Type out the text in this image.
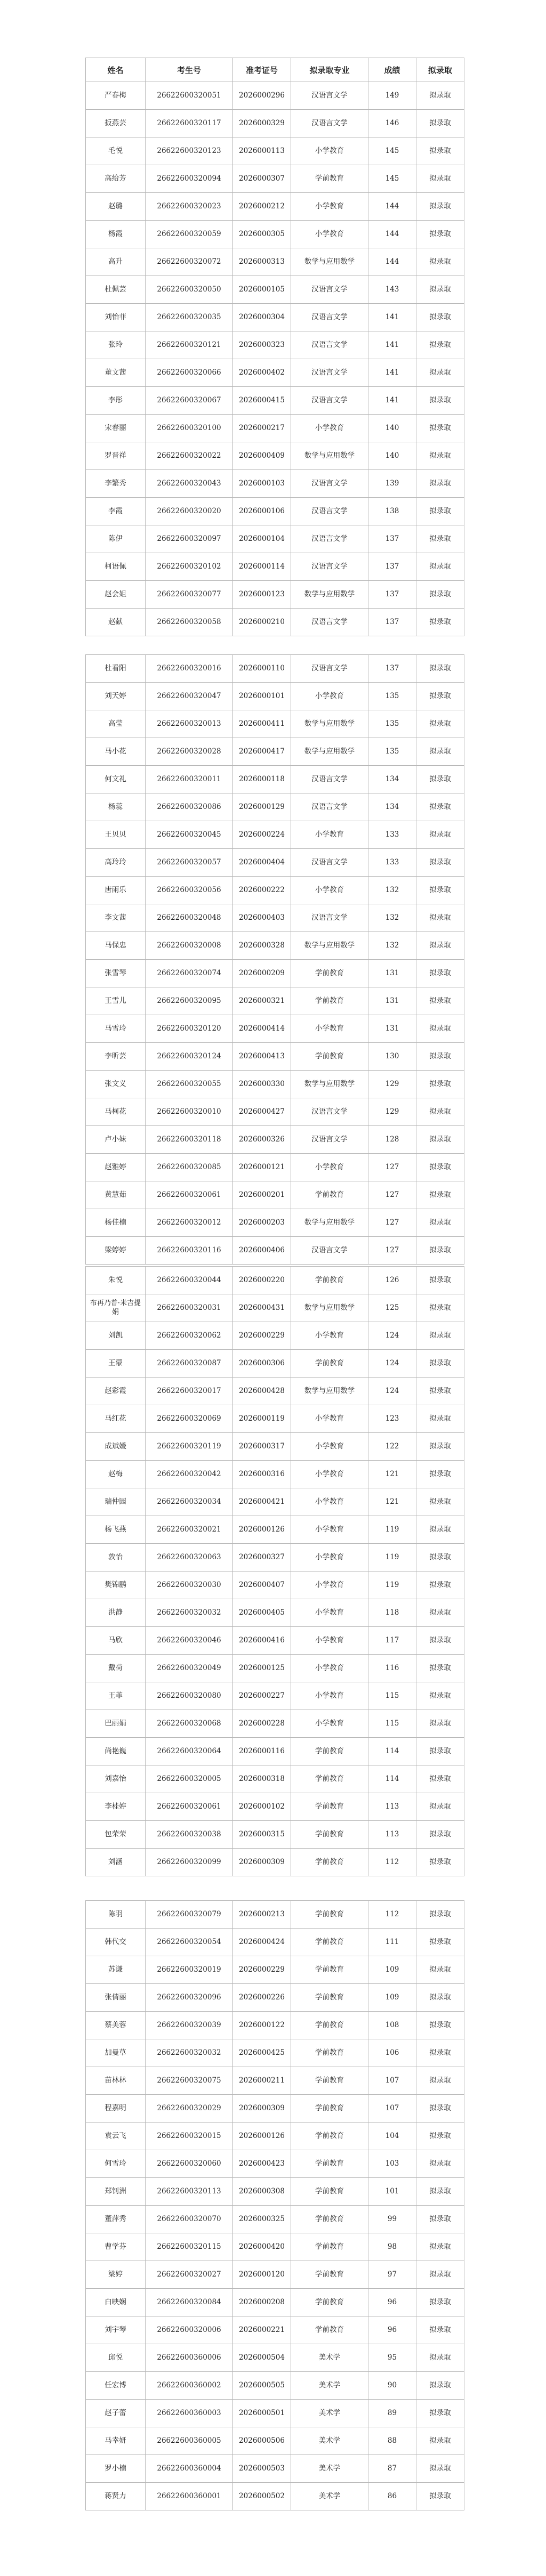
姓名	考生号	准考证号	拟录取专业	成绩	拟录取
严春梅	26622600320051	2026000296	汉语言文学	149	拟录取
扳燕芸	26622600320117	2026000329	汉语言文学	146	拟录取
毛悦	26622600320123	2026000113	小学教育	145	拟录取
高给芳	26622600320094	2026000307	学前教育	145	拟录取
赵璐	26622600320023	2026000212	小学教育	144	拟录取
杨霞	26622600320059	2026000305	小学教育	144	拟录取
高升	26622600320072	2026000313	数学与应用数学	144	拟录取
杜佩芸	26622600320050	2026000105	汉语言文学	143	拟录取
刘怡菲	26622600320035	2026000304	汉语言文学	141	拟录取
张玲	26622600320121	2026000323	汉语言文学	141	拟录取
董文茜	26622600320066	2026000402	汉语言文学	141	拟录取
李彤	26622600320067	2026000415	汉语言文学	141	拟录取
宋春丽	26622600320100	2026000217	小学教育	140	拟录取
罗晋祥	26622600320022	2026000409	数学与应用数学	140	拟录取
李繁秀	26622600320043	2026000103	汉语言文学	139	拟录取
李霞	26622600320020	2026000106	汉语言文学	138	拟录取
陈伊	26622600320097	2026000104	汉语言文学	137	拟录取
柯语佩	26622600320102	2026000114	汉语言文学	137	拟录取
赵会姐	26622600320077	2026000123	数学与应用数学	137	拟录取
赵献	26622600320058	2026000210	汉语言文学	137	拟录取
杜看阳	26622600320016	2026000110	汉语言文学	137	拟录取
刘天婷	26622600320047	2026000101	小学教育	135	拟录取
高莹	26622600320013	2026000411	数学与应用数学	135	拟录取
马小花	26622600320028	2026000417	数学与应用数学	135	拟录取
何文礼	26622600320011	2026000118	汉语言文学	134	拟录取
杨蕊	26622600320086	2026000129	汉语言文学	134	拟录取
王贝贝	26622600320045	2026000224	小学教育	133	拟录取
高玲玲	26622600320057	2026000404	汉语言文学	133	拟录取
唐雨乐	26622600320056	2026000222	小学教育	132	拟录取
李文茜	26622600320048	2026000403	汉语言文学	132	拟录取
马保忠	26622600320008	2026000328	数学与应用数学	132	拟录取
张雪琴	26622600320074	2026000209	学前教育	131	拟录取
王雪儿	26622600320095	2026000321	学前教育	131	拟录取
马雪玲	26622600320120	2026000414	小学教育	131	拟录取
李昕芸	26622600320124	2026000413	学前教育	130	拟录取
张文义	26622600320055	2026000330	数学与应用数学	129	拟录取
马柯花	26622600320010	2026000427	汉语言文学	129	拟录取
卢小妹	26622600320118	2026000326	汉语言文学	128	拟录取
赵雅婷	26622600320085	2026000121	小学教育	127	拟录取
黄慧茹	26622600320061	2026000201	学前教育	127	拟录取
杨佳楠	26622600320012	2026000203	数学与应用数学	127	拟录取
梁婷婷	26622600320116	2026000406	汉语言文学	127	拟录取
朱悦	26622600320044	2026000220	学前教育	126	拟录取
布再乃普·米吉提娟	26622600320031	2026000431	数学与应用数学	125	拟录取
刘凯	26622600320062	2026000229	小学教育	124	拟录取
王蒙	26622600320087	2026000306	学前教育	124	拟录取
赵彩霞	26622600320017	2026000428	数学与应用数学	124	拟录取
马红花	26622600320069	2026000119	小学教育	123	拟录取
成斌媛	26622600320119	2026000317	小学教育	122	拟录取
赵梅	26622600320042	2026000316	小学教育	121	拟录取
瑞仲园	26622600320034	2026000421	小学教育	121	拟录取
杨飞燕	26622600320021	2026000126	小学教育	119	拟录取
敦怡	26622600320063	2026000327	小学教育	119	拟录取
樊锦鹏	26622600320030	2026000407	小学教育	119	拟录取
洪静	26622600320032	2026000405	小学教育	118	拟录取
马欣	26622600320046	2026000416	小学教育	117	拟录取
戴荷	26622600320049	2026000125	小学教育	116	拟录取
王菲	26622600320080	2026000227	小学教育	115	拟录取
巴丽娟	26622600320068	2026000228	小学教育	115	拟录取
尚艳巍	26622600320064	2026000116	学前教育	114	拟录取
刘嘉怡	26622600320005	2026000318	学前教育	114	拟录取
李桂婷	26622600320061	2026000102	学前教育	113	拟录取
包荣荣	26622600320038	2026000315	学前教育	113	拟录取
刘涵	26622600320099	2026000309	学前教育	112	拟录取
陈羽	26622600320079	2026000213	学前教育	112	拟录取
韩代交	26622600320054	2026000424	学前教育	111	拟录取
苏谦	26622600320019	2026000229	学前教育	109	拟录取
张倩丽	26622600320096	2026000226	学前教育	109	拟录取
蔡美蓉	26622600320039	2026000122	学前教育	108	拟录取
加曼草	26622600320032	2026000425	学前教育	106	拟录取
苗林林	26622600320075	2026000211	学前教育	107	拟录取
程嘉明	26622600320029	2026000309	学前教育	107	拟录取
袁云飞	26622600320015	2026000126	学前教育	104	拟录取
何雪玲	26622600320060	2026000423	学前教育	103	拟录取
郑钊洲	26622600320113	2026000308	学前教育	101	拟录取
董萍秀	26622600320070	2026000325	学前教育	99	拟录取
曹学芬	26622600320115	2026000420	学前教育	98	拟录取
梁婷	26622600320027	2026000120	学前教育	97	拟录取
白映娴	26622600320084	2026000208	学前教育	96	拟录取
刘宇琴	26622600320006	2026000221	学前教育	96	拟录取
邱悦	26622600360006	2026000504	美术学	95	拟录取
任宏博	26622600360002	2026000505	美术学	90	拟录取
赵子蕾	26622600360003	2026000501	美术学	89	拟录取
马幸妍	26622600360005	2026000506	美术学	88	拟录取
罗小楠	26622600360004	2026000503	美术学	87	拟录取
蒋贤力	26622600360001	2026000502	美术学	86	拟录取
